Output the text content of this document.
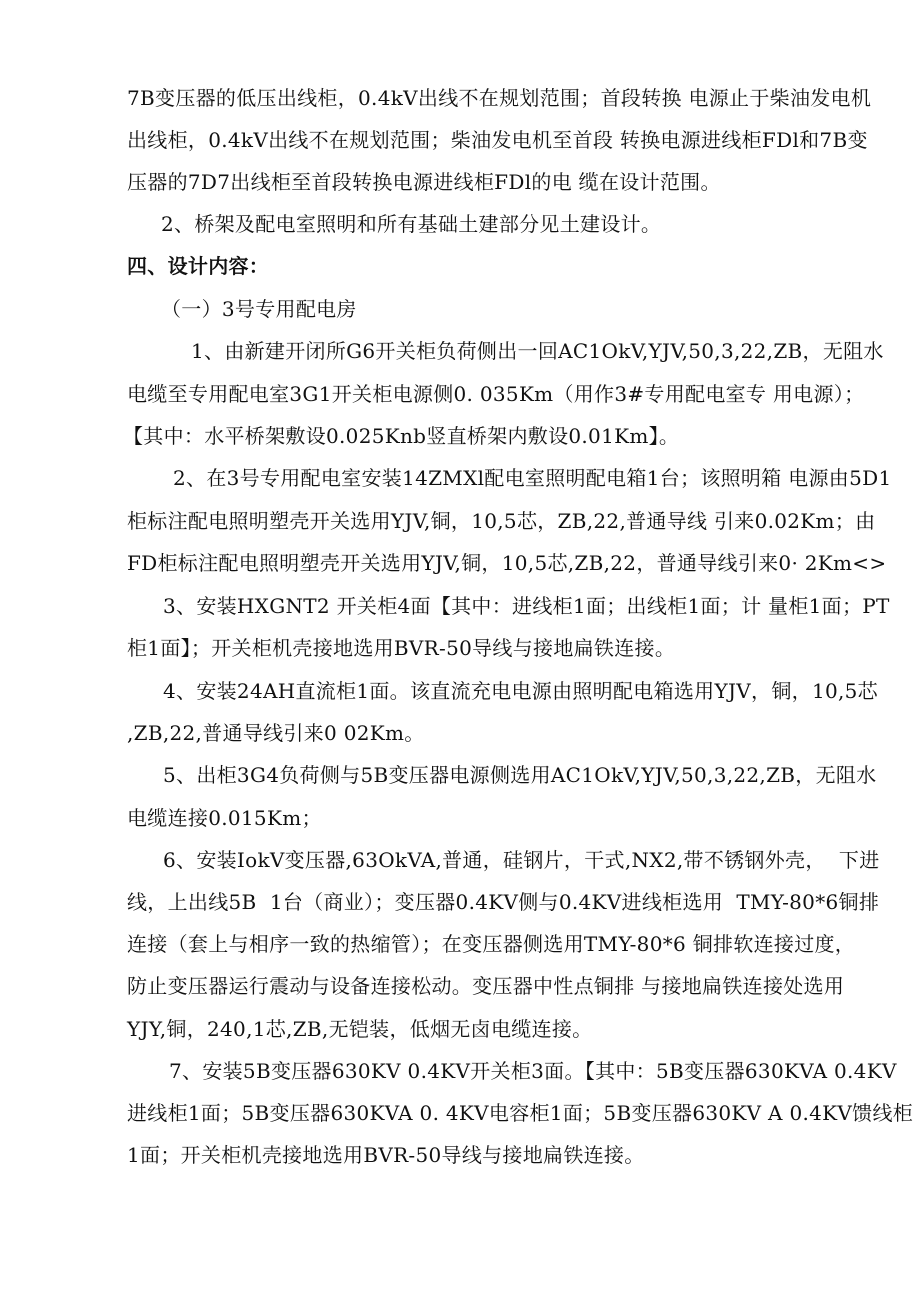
7B变压器的低压出线柜，0.4kV出线不在规划范围；首段转换 电源止于柴油发电机
出线柜，0.4kV出线不在规划范围；柴油发电机至首段 转换电源进线柜FDl和7B变
压器的7D7出线柜至首段转换电源进线柜FDl的电 缆在设计范围。
2、桥架及配电室照明和所有基础土建部分见土建设计。
四、设计内容：
（一）3号专用配电房
1、由新建开闭所G6开关柜负荷侧出一回AC1OkV,YJV,50,3,22,ZB，无阻水
电缆至专用配电室3G1开关柜电源侧0. 035Km（用作3#专用配电室专 用电源）；
【其中：水平桥架敷设0.025Knb竖直桥架内敷设0.01Km】。
2、在3号专用配电室安装14ZMXl配电室照明配电箱1台；该照明箱 电源由5D1
柜标注配电照明塑壳开关选用YJV,铜，10,5芯，ZB,22,普通导线 引来0.02Km；由
FD柜标注配电照明塑壳开关选用YJV,铜，10,5芯,ZB,22，普通导线引来0· 2Km<>
3、安装HXGNT2 开关柜4面【其中：进线柜1面；出线柜1面；计 量柜1面；PT
柜1面】；开关柜机壳接地选用BVR-50导线与接地扁铁连接。
4、安装24AH直流柜1面。该直流充电电源由照明配电箱选用YJV，铜，10,5芯
,ZB,22,普通导线引来0 02Km。
5、出柜3G4负荷侧与5B变压器电源侧选用AC1OkV,YJV,50,3,22,ZB，无阻水
电缆连接0.015Km；
6、安装IokV变压器,63OkVA,普通，硅钢片，干式,NX2,带不锈钢外壳，  下进
线，上出线5B  1台（商业）；变压器0.4KV侧与0.4KV进线柜选用  TMY-80*6铜排
连接（套上与相序一致的热缩管）；在变压器侧选用TMY-80*6 铜排软连接过度，
防止变压器运行震动与设备连接松动。变压器中性点铜排 与接地扁铁连接处选用
YJY,铜，240,1芯,ZB,无铠装，低烟无卤电缆连接。
7、安装5B变压器630KV 0.4KV开关柜3面。【其中：5B变压器630KVA 0.4KV
进线柜1面；5B变压器630KVA 0. 4KV电容柜1面；5B变压器630KV A 0.4KV馈线柜
1面；开关柜机壳接地选用BVR-50导线与接地扁铁连接。
